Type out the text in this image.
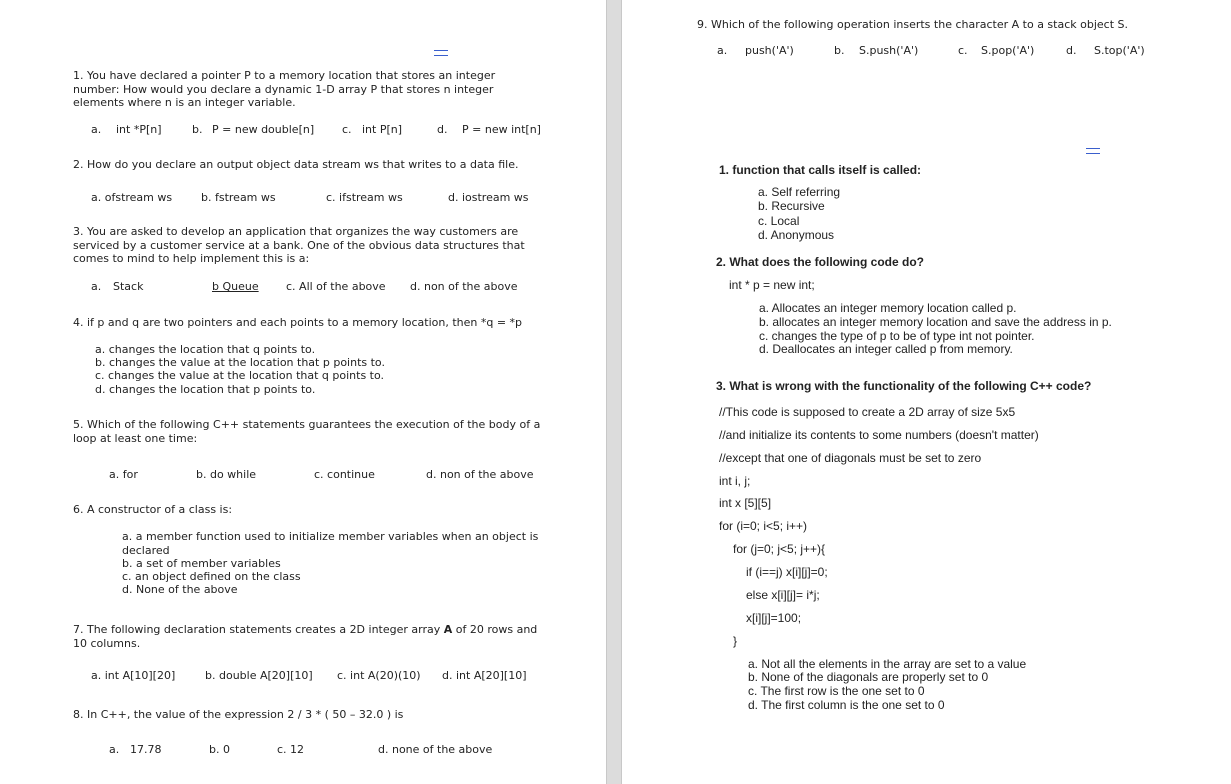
1. You have declared a pointer P to a memory location that stores an integer number: How would you declare a dynamic 1-D array P that stores n integer elements where n is an integer variable.
a. int *P[n]	b. P = new double[n]	c. int P[n]	d. P = new int[n]
2. How do you declare an output object data stream ws that writes to a data file.
a. ofstream ws	b. fstream ws	c. ifstream ws	d. iostream ws
3. You are asked to develop an application that organizes the way customers are serviced by a customer service at a bank. One of the obvious data structures that comes to mind to help implement this is a:
a. Stack	b Queue c. All of the above d. non of the above
4. if p and q are two pointers and each points to a memory location, then *q = *p
a. changes the location that q points to.
b. changes the value at the location that p points to.
c. changes the value at the location that q points to.
d. changes the location that p points to.
5. Which of the following C++ statements guarantees the execution of the body of a loop at least one time:
a. for	b. do while	c. continue	d. non of the above
6. A constructor of a class is:
a. a member function used to initialize member variables when an object is declared
b. a set of member variables
c. an object defined on the class
d. None of the above
7. The following declaration statements creates a 2D integer array A of 20 rows and 10 columns.
a. int A[10][20]	b. double A[20][10] c. int A(20)(10) d. int A[20][10]
8. In C++, the value of the expression 2 / 3 * ( 50 – 32.0 ) is
a. 17.78	b. 0	c. 12	d. none of the above
9. Which of the following operation inserts the character A to a stack object S.
a. push('A')	b. S.push('A')	c. S.pop('A')	d. S.top('A')
1. function that calls itself is called:
a. Self referring
b. Recursive
c. Local
d. Anonymous
2. What does the following code do?
int * p = new int;
a. Allocates an integer memory location called p.
b. allocates an integer memory location and save the address in p.
c. changes the type of p to be of type int not pointer.
d. Deallocates an integer called p from memory.
3. What is wrong with the functionality of the following C++ code?
//This code is supposed to create a 2D array of size 5x5
//and initialize its contents to some numbers (doesn't matter)
//except that one of diagonals must be set to zero
int i, j;
int x [5][5]
for (i=0; i<5; i++)
for (j=0; j<5; j++){
if (i==j) x[i][j]=0;
else x[i][j]= i*j;
x[i][j]=100;
}
a. Not all the elements in the array are set to a value
b. None of the diagonals are properly set to 0
c. The first row is the one set to 0
d. The first column is the one set to 0
